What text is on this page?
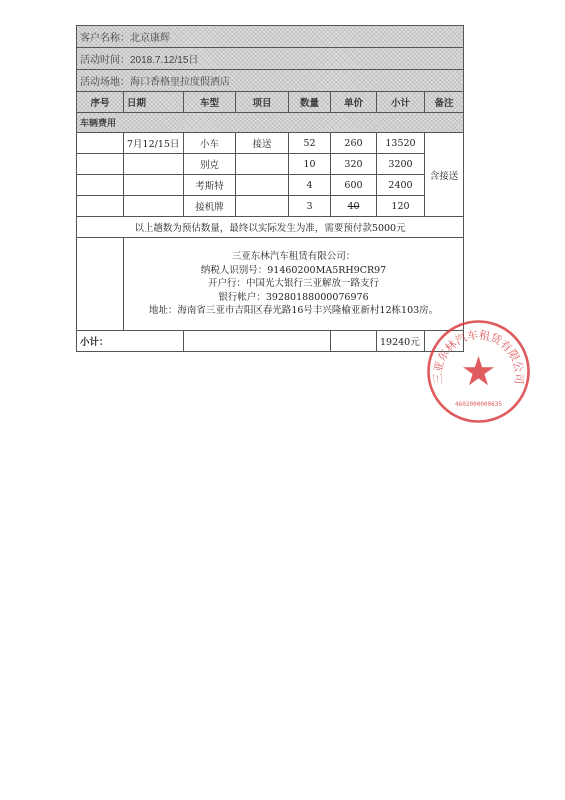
客户名称：北京康辉							
活动时间：2018.7.12/15日							
活动场地：海口香格里拉度假酒店							
序号	日期	车型	项目	数量	单价	小计	备注
车辆费用							
	7月12/15日	小车	接送	52	260	13520	含接送
		别克		10	320	3200	
		考斯特		4	600	2400	
		接机牌		3	40	120	
以上趟数为预估数量，最终以实际发生为准，需要预付款5000元							

	三亚东林汽车租赁有限公司：
纳税人识别号：91460200MA5RH9CR97
开户行：中国光大银行三亚解放一路支行
银行帐户：39280188000076976
地址：海南省三亚市吉阳区春光路16号丰兴隆榆亚新村12栋103房。						

小计：						19240元	
三亚东林汽车租赁有限公司
4602000000635
